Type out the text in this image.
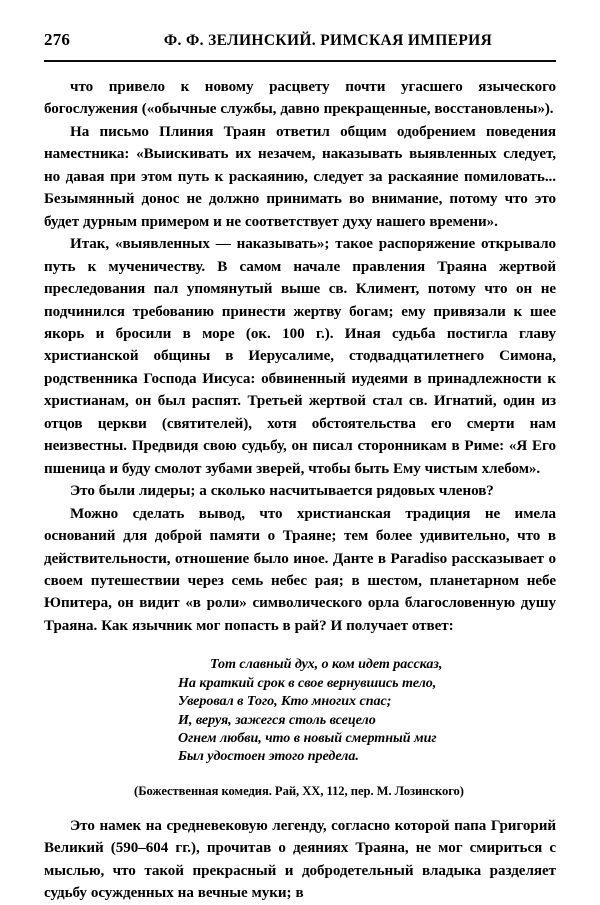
276	Ф. Ф. ЗЕЛИНСКИЙ. РИМСКАЯ ИМПЕРИЯ

что привело к новому расцвету почти угасшего языческого богослужения («обычные службы, давно прекращенные, восстановлены»).

На письмо Плиния Траян ответил общим одобрением поведения наместника: «Выискивать их незачем, наказывать выявленных следует, но давая при этом путь к раскаянию, следует за раскаяние помиловать... Безымянный донос не должно принимать во внимание, потому что это будет дурным примером и не соответствует духу нашего времени».

Итак, «выявленных — наказывать»; такое распоряжение открывало путь к мученичеству. В самом начале правления Траяна жертвой преследования пал упомянутый выше св. Климент, потому что он не подчинился требованию принести жертву богам; ему привязали к шее якорь и бросили в море (ок. 100 г.). Иная судьба постигла главу христианской общины в Иерусалиме, стодвадцатилетнего Симона, родственника Господа Иисуса: обвиненный иудеями в принадлежности к христианам, он был распят. Третьей жертвой стал св. Игнатий, один из отцов церкви (святителей), хотя обстоятельства его смерти нам неизвестны. Предвидя свою судьбу, он писал сторонникам в Риме: «Я Его пшеница и буду смолот зубами зверей, чтобы быть Ему чистым хлебом».

Это были лидеры; а сколько насчитывается рядовых членов?

Можно сделать вывод, что христианская традиция не имела оснований для доброй памяти о Траяне; тем более удивительно, что в действительности, отношение было иное. Данте в Paradiso рассказывает о своем путешествии через семь небес рая; в шестом, планетарном небе Юпитера, он видит «в роли» символического орла благословенную душу Траяна. Как язычник мог попасть в рай? И получает ответ:

Тот славный дух, о ком идет рассказ,
На краткий срок в свое вернувшись тело,
Уверовал в Того, Кто многих спас;
И, веруя, зажегся столь всецело
Огнем любви, что в новый смертный миг
Был удостоен этого предела.
(Божественная комедия. Рай, XX, 112, пер. М. Лозинского)

Это намек на средневековую легенду, согласно которой папа Григорий Великий (590–604 гг.), прочитав о деяниях Траяна, не мог смириться с мыслью, что такой прекрасный и добродетельный владыка разделяет судьбу осужденных на вечные муки; в
